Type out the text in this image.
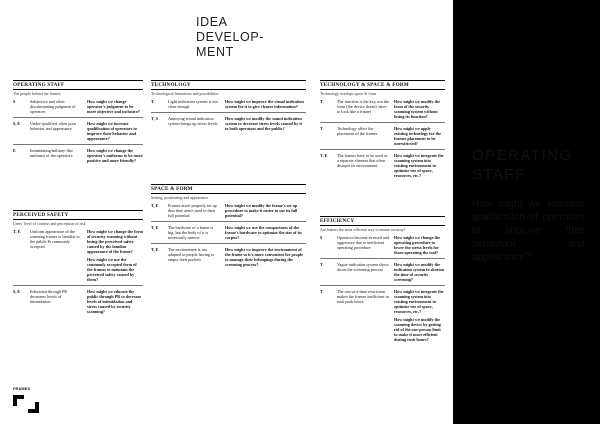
IDEA
DEVELOP-
MENT
OPERATING STAFF
The people behind the frames
S	Subjective and often discriminating judgment of operators
How might we change operator's judgment to be more objective and inclusive?
S, E	Under-qualified, often poor behavior and appearance
How might we increase qualification of operators to improve their behavior and appearance?
E	Intimidating/military-like uniforms of the operators
How might we change the operator's uniforms to be more positive and more friendly?
PERCEIVED SAFETY
Users' level of comfort and perception of risk
T, E	Uniform appearance of the scanning frames is familiar to the public & commonly accepted
How might we change the form of security scanning without losing the perceived safety caused by the familiar appearance of the frame?
How might we use the commonly accepted form of the frames to maintain the perceived safety caused by them?
S, E	Education through PR decreases levels of intimidation
How might we educate the public through PR to decrease levels of intimidation and stress caused by security scanning?
TECHNOLOGY
Technological limitations and possibilities
T	Light indication system is not clear enough
How might we improve the visual indication system for it to give clearer information?
T, S	Annoying sound indication system brings up stress levels
How might we modify the sound indication system to decrease stress levels caused by it to both operators and the public?
SPACE & FORM
Setting, positioning and appearance
T, E	Frames aren't properly set up thus they aren't used to their full potential
How might we modify the frame's set up procedure to make it easier to use its full potential?
T, E	The hardware of a frame is big, but the body of it is necessarily narrow
How might we use the compactness of the frame's hardware to optimize the size of its corpus?
T, E	The environment is not adapted to people having to empty their pockets
How might we improve the environment of the frame so it's more convenient for people to manage their belongings during the screening process?
TECHNOLOGY & SPACE & FORM
Technology overlaps space & form
T	The function is the key, not the form (the device doesn't have to look like a frame)
How might we modify the form of the security scanning system without losing its function?
T	Technology affect the placement of the frames
How might we apply existing technology for the frames placement to be unrestricted?
T, E	The frames have to be used as a separate element that often disrupts its environment
How might we integrate the scanning system into existing environment to optimize use of space, resources, etc.?
EFFICIENCY
Are frames the most efficient way to ensure security?
S	Operators become stressed and aggressive due to inefficient operating procedure
How might we change the operating procedure to lower the stress levels for those operating the tool?
T	Vague indication system slows down the screening process
How might we modify the indication system to shorten the time of security screening?
T	The one-at-a-time restriction makes the frames inefficient in rush peak hours
How might we integrate the scanning system into existing environment to optimize use of space, resources, etc.?
How might we modify the scanning device by getting rid of the one-person limit to make it more efficient during rush hours?
FRAMES
OPERATING
STAFF
How might we increase qualification of operators to improve their behaviour and appearance?
